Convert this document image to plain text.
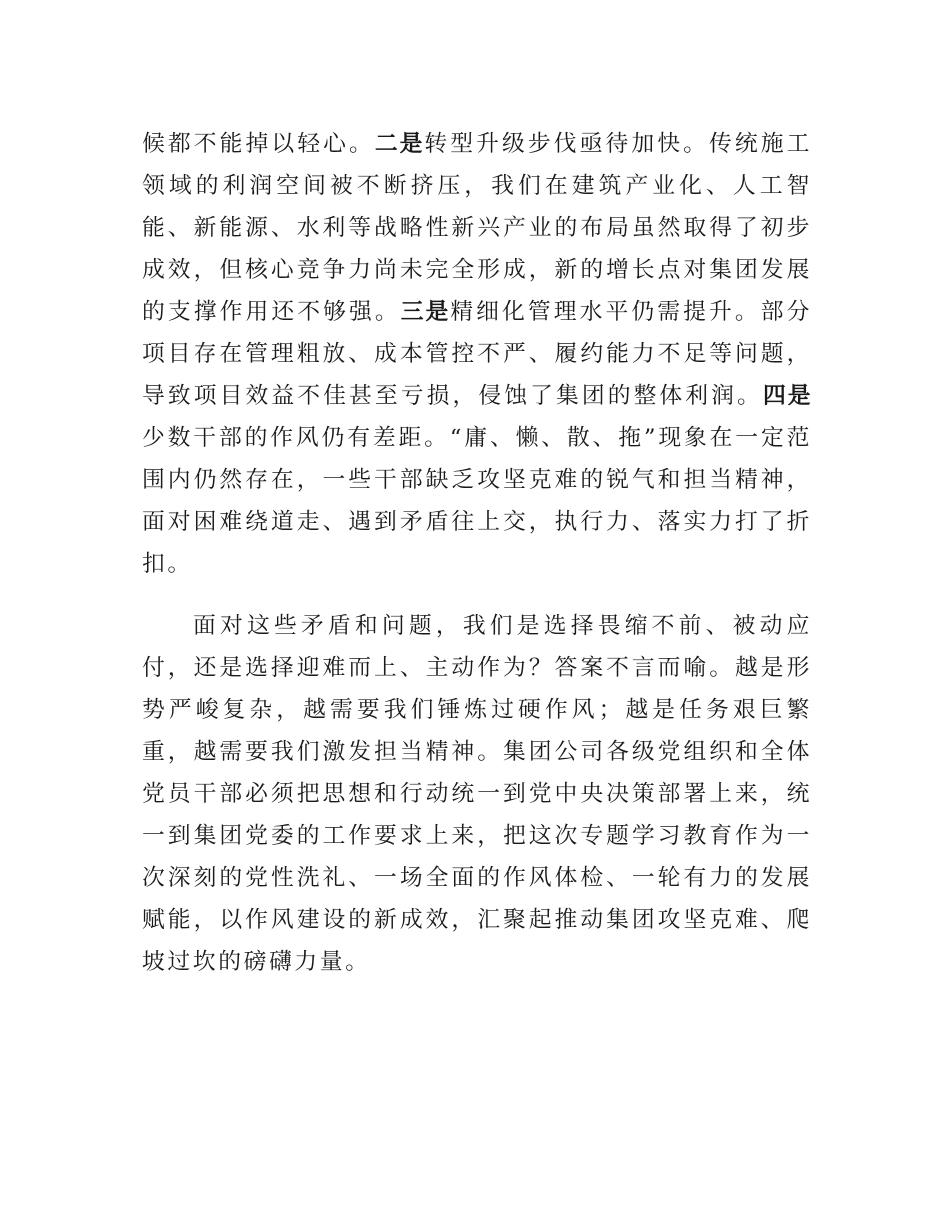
候都不能掉以轻心。二是转型升级步伐亟待加快。传统施工领域的利润空间被不断挤压，我们在建筑产业化、人工智能、新能源、水利等战略性新兴产业的布局虽然取得了初步成效，但核心竞争力尚未完全形成，新的增长点对集团发展的支撑作用还不够强。三是精细化管理水平仍需提升。部分项目存在管理粗放、成本管控不严、履约能力不足等问题，导致项目效益不佳甚至亏损，侵蚀了集团的整体利润。四是少数干部的作风仍有差距。“庸、懒、散、拖”现象在一定范围内仍然存在，一些干部缺乏攻坚克难的锐气和担当精神，面对困难绕道走、遇到矛盾往上交，执行力、落实力打了折扣。

面对这些矛盾和问题，我们是选择畏缩不前、被动应付，还是选择迎难而上、主动作为？答案不言而喻。越是形势严峻复杂，越需要我们锤炼过硬作风；越是任务艰巨繁重，越需要我们激发担当精神。集团公司各级党组织和全体党员干部必须把思想和行动统一到党中央决策部署上来，统一到集团党委的工作要求上来，把这次专题学习教育作为一次深刻的党性洗礼、一场全面的作风体检、一轮有力的发展赋能，以作风建设的新成效，汇聚起推动集团攻坚克难、爬坡过坎的磅礴力量。
